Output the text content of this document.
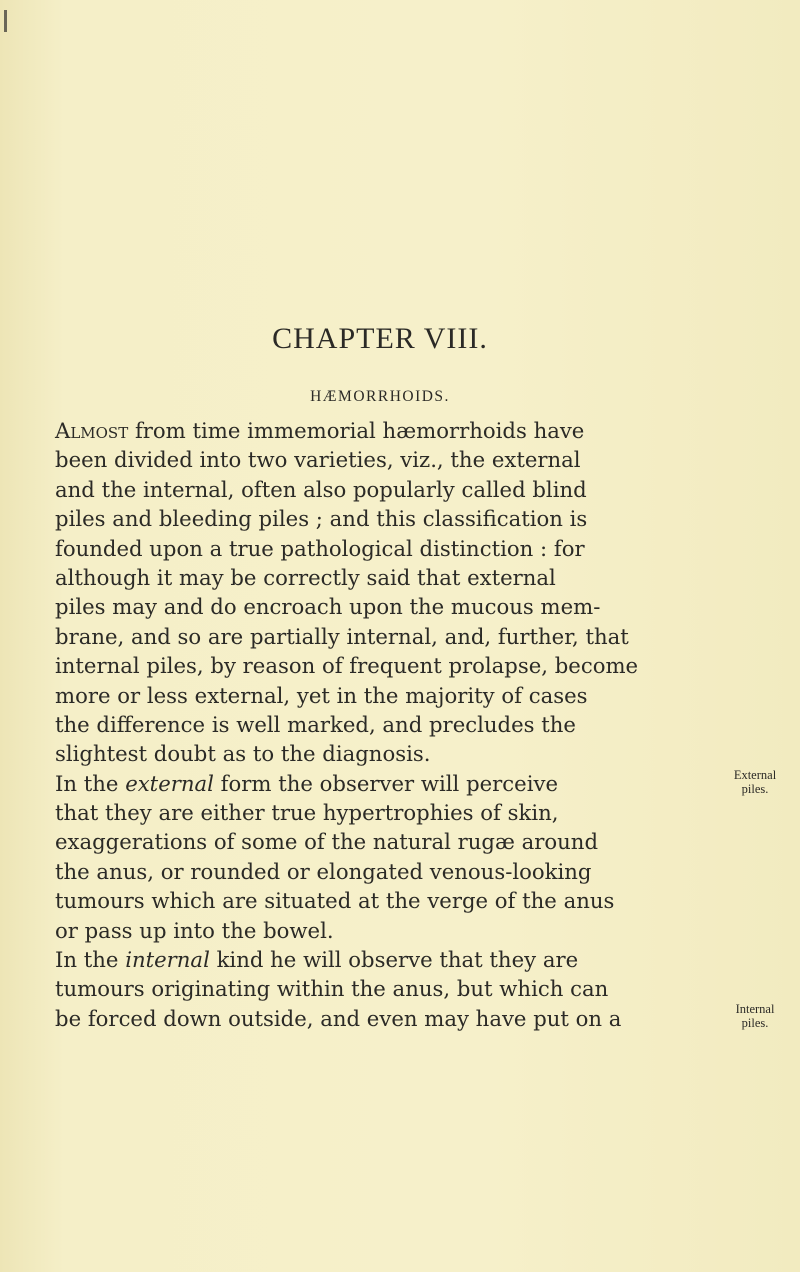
CHAPTER VIII.
HÆMORRHOIDS.
Almost from time immemorial hæmorrhoids have
been divided into two varieties, viz., the external
and the internal, often also popularly called blind
piles and bleeding piles ; and this classification is
founded upon a true pathological distinction : for
although it may be correctly said that external
piles may and do encroach upon the mucous mem-
brane, and so are partially internal, and, further, that
internal piles, by reason of frequent prolapse, become
more or less external, yet in the majority of cases
the difference is well marked, and precludes the
slightest doubt as to the diagnosis.
In the external form the observer will perceive
that they are either true hypertrophies of skin,
exaggerations of some of the natural rugæ around
the anus, or rounded or elongated venous-looking
tumours which are situated at the verge of the anus
or pass up into the bowel.
In the internal kind he will observe that they are
tumours originating within the anus, but which can
be forced down outside, and even may have put on a
External
piles.
Internal
piles.
